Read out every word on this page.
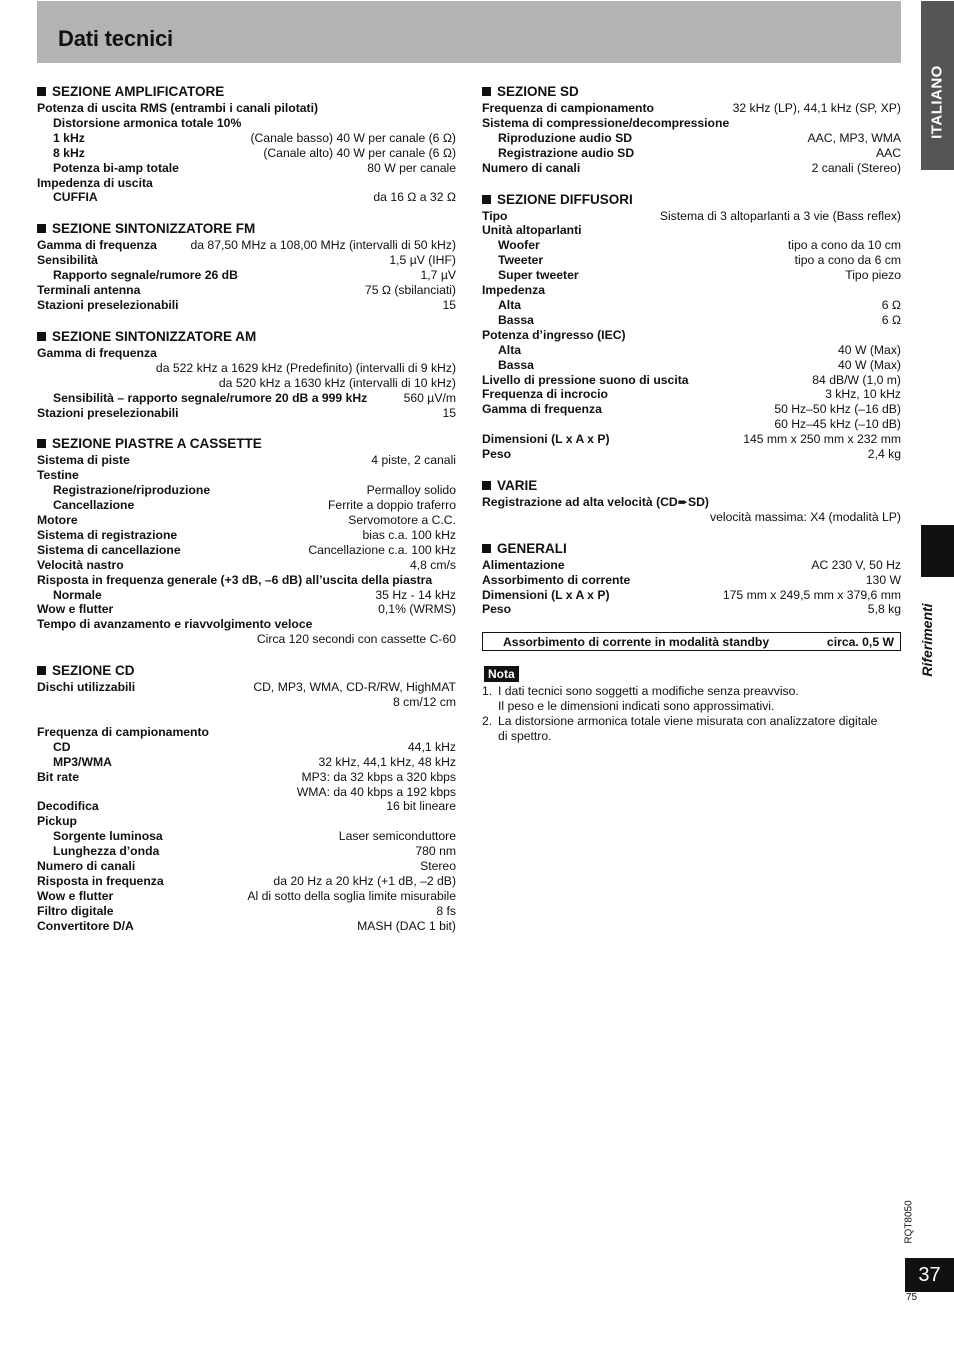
Dati tecnici
ITALIANO
Riferimenti
SEZIONE AMPLIFICATORE
Potenza di uscita RMS (entrambi i canali pilotati)
Distorsione armonica totale 10%
1 kHz	(Canale basso) 40 W per canale (6 Ω)
8 kHz	(Canale alto) 40 W per canale (6 Ω)
Potenza bi-amp totale	80 W per canale
Impedenza di uscita
CUFFIA	da 16 Ω a 32 Ω
SEZIONE SINTONIZZATORE FM
Gamma di frequenza	da 87,50 MHz a 108,00 MHz (intervalli di 50 kHz)
Sensibilità	1,5 µV (IHF)
Rapporto segnale/rumore 26 dB	1,7 µV
Terminali antenna	75 Ω (sbilanciati)
Stazioni preselezionabili	15
SEZIONE SINTONIZZATORE AM
Gamma di frequenza
da 522 kHz a 1629 kHz (Predefinito) (intervalli di 9 kHz)
da 520 kHz a 1630 kHz (intervalli di 10 kHz)
Sensibilità – rapporto segnale/rumore 20 dB a 999 kHz	560 µV/m
Stazioni preselezionabili	15
SEZIONE PIASTRE A CASSETTE
Sistema di piste	4 piste, 2 canali
Testine
Registrazione/riproduzione	Permalloy solido
Cancellazione	Ferrite a doppio traferro
Motore	Servomotore a C.C.
Sistema di registrazione	bias c.a. 100 kHz
Sistema di cancellazione	Cancellazione c.a. 100 kHz
Velocità nastro	4,8 cm/s
Risposta in frequenza generale (+3 dB, –6 dB) all’uscita della piastra
Normale	35 Hz - 14 kHz
Wow e flutter	0,1% (WRMS)
Tempo di avanzamento e riavvolgimento veloce
Circa 120 secondi con cassette C-60
SEZIONE CD
Dischi utilizzabili	CD, MP3, WMA, CD-R/RW, HighMAT
8 cm/12 cm
Frequenza di campionamento
CD	44,1 kHz
MP3/WMA	32 kHz, 44,1 kHz, 48 kHz
Bit rate	MP3: da 32 kbps a 320 kbps
WMA: da 40 kbps a 192 kbps
Decodifica	16 bit lineare
Pickup
Sorgente luminosa	Laser semiconduttore
Lunghezza d’onda	780 nm
Numero di canali	Stereo
Risposta in frequenza	da 20 Hz a 20 kHz (+1 dB, –2 dB)
Wow e flutter	Al di sotto della soglia limite misurabile
Filtro digitale	8 fs
Convertitore D/A	MASH (DAC 1 bit)
SEZIONE SD
Frequenza di campionamento	32 kHz (LP), 44,1 kHz (SP, XP)
Sistema di compressione/decompressione
Riproduzione audio SD	AAC, MP3, WMA
Registrazione audio SD	AAC
Numero di canali	2 canali (Stereo)
SEZIONE DIFFUSORI
Tipo	Sistema di 3 altoparlanti a 3 vie (Bass reflex)
Unità altoparlanti
Woofer	tipo a cono da 10 cm
Tweeter	tipo a cono da 6 cm
Super tweeter	Tipo piezo
Impedenza
Alta	6 Ω
Bassa	6 Ω
Potenza d’ingresso (IEC)
Alta	40 W (Max)
Bassa	40 W (Max)
Livello di pressione suono di uscita	84 dB/W (1,0 m)
Frequenza di incrocio	3 kHz, 10 kHz
Gamma di frequenza	50 Hz–50 kHz (–16 dB)
60 Hz–45 kHz (–10 dB)
Dimensioni (L x A x P)	145 mm x 250 mm x 232 mm
Peso	2,4 kg
VARIE
Registrazione ad alta velocità (CD➨SD)
velocità massima: X4 (modalità LP)
GENERALI
Alimentazione	AC 230 V, 50 Hz
Assorbimento di corrente	130 W
Dimensioni (L x A x P)	175 mm x 249,5 mm x 379,6 mm
Peso	5,8 kg
Assorbimento di corrente in modalità standby	circa. 0,5 W
Nota
1. I dati tecnici sono soggetti a modifiche senza preavviso.
Il peso e le dimensioni indicati sono approssimativi.
2. La distorsione armonica totale viene misurata con analizzatore digitale
di spettro.
RQT8050
37
75
